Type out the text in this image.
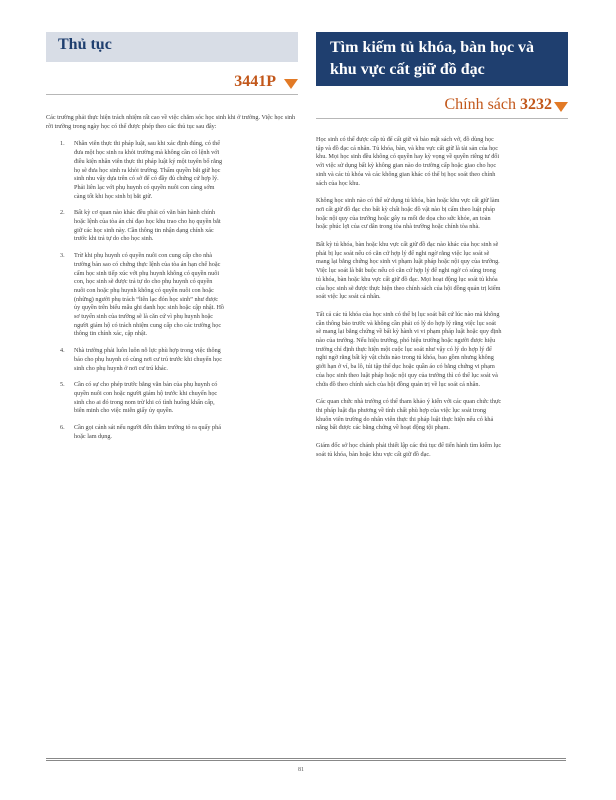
Thủ tục
3441P

Các trường phải thực hiện trách nhiệm rất cao về việc chăm sóc học sinh khi ở trường. Việc học sinh rời trường trong ngày học có thể được phép theo các thủ tục sau đây:

1. Nhân viên thực thi pháp luật, sau khi xác định đúng, có thể đưa một học sinh ra khỏi trường mà không cần có lệnh với điều kiện nhân viên thực thi pháp luật ký một tuyên bố rằng họ sẽ đưa học sinh ra khỏi trường. Thẩm quyền bắt giữ học sinh nhu vậy dựa trên có sở để có đầy đủ chứng cứ hợp lý. Phải liên lạc với phụ huynh có quyền nuôi con càng sớm càng tốt khi học sinh bị bắt giữ.
2. Bất kỳ cơ quan nào khác đều phải có văn bản hành chính hoặc lệnh của tòa án chỉ đạo học khu trao cho họ quyền bắt giữ các học sinh này. Cần thông tin nhận dạng chính xác trước khi trả tự do cho học sinh.
3. Trừ khi phụ huynh có quyền nuôi con cung cấp cho nhà trường bản sao có chứng thực lệnh của tòa án hạn chế hoặc cấm học sinh tiếp xúc với phụ huynh không có quyền nuôi con, học sinh sẽ được trả tự do cho phụ huynh có quyền nuôi con hoặc phụ huynh không có quyền nuôi con hoặc (những) người phụ trách “liên lạc đón học sinh” như được ủy quyền trên biểu mẫu ghi danh học sinh hoặc cập nhật. Hồ sơ tuyển sinh của trường sẽ là căn cứ vì phụ huynh hoặc người giám hộ có trách nhiệm cung cấp cho các trường học thông tin chính xác, cập nhật.
4. Nhà trường phải luôn luôn nỗ lực phù hợp trong việc thông báo cho phụ huynh có cùng nơi cư trú trước khi chuyển học sinh cho phụ huynh ở nơi cư trú khác.
5. Cần có sự cho phép trước bằng văn bản của phụ huynh có quyền nuôi con hoặc người giám hộ trước khi chuyển học sinh cho ai đó trong nom trừ khi có tình huống khẩn cấp, biên minh cho việc miễn giấy ủy quyền.
6. Cần gọi cảnh sát nếu người đến thăm trường tỏ ra quấy phá hoặc lam dụng.
Tìm kiếm tủ khóa, bàn học và khu vực cất giữ đồ đạc
Chính sách 3232

Học sinh có thể được cấp tủ để cất giữ và bảo mật sách vở, đồ dùng học tập và đồ đạc cá nhân. Tủ khóa, bàn, và khu vực cất giữ là tài sản của học khu. Mọi học sinh đều không có quyền hay kỳ vọng về quyền riêng tư đối với việc sử dụng bất kỳ không gian nào do trường cấp hoặc giao cho học sinh và các tủ khóa và các không gian khác có thể bị học soát theo chính sách của học khu.

Không học sinh nào có thể sử dụng tủ khóa, bàn hoặc khu vực cất giữ làm nơi cất giữ đồ đạc cho bất kỳ chất hoặc đồ vật nào bị cấm theo luật pháp hoặc nội quy của trường hoặc gây ra mối đe dọa cho sức khỏe, an toàn hoặc phúc lợi của cư dân trong tòa nhà trường hoặc chính tòa nhà.

Bất kỳ tủ khóa, bàn hoặc khu vực cất giữ đồ đạc nào khác của học sinh sẽ phải bị lục soát nếu có căn cứ hợp lý để nghi ngờ rằng việc lục soát sẽ mang lại bằng chứng học sinh vi phạm luật pháp hoặc nội quy của trường. Việc lục soát là bắt buộc nếu có căn cứ hợp lý để nghi ngờ có súng trong tủ khóa, bàn hoặc khu vực cất giữ đồ đạc. Mọi hoạt động lục soát tủ khóa của học sinh sẽ được thực hiện theo chính sách của hội đồng quản trị kiểm soát việc lục soát cá nhân.

Tất cả các tủ khóa của học sinh có thể bị lục soát bất cứ lúc nào mà không cần thông báo trước và không cần phải có lý do hợp lý rằng việc lục soát sẽ mang lại bằng chứng về bất kỳ hành vi vi phạm pháp luật hoặc quy định nào của trường. Nếu hiệu trưởng, phó hiệu trưởng hoặc người được hiệu trưởng chỉ định thực hiện một cuộc lục soát như vậy có lý do hợp lý để nghi ngờ rằng bất kỳ vật chứa nào trong tủ khóa, bao gồm nhưng không giới hạn ở ví, ba lô, túi tập thể dục hoặc quần áo có bằng chứng vi phạm của học sinh theo luật pháp hoặc nội quy của trường thì có thể lục soát và chứa đồ theo chính sách của hội đồng quản trị về lục soát cá nhân.

Các quan chức nhà trường có thể tham khảo ý kiến với các quan chức thực thi pháp luật địa phương về tính chất phù hợp của việc lục soát trong khuôn viên trường do nhân viên thực thi pháp luật thực hiện nếu có khả năng bất được các bằng chứng về hoạt động tội phạm.

Giám đốc sở học chánh phải thiết lập các thủ tục để tiến hành tìm kiếm lục soát tủ khóa, bàn hoặc khu vực cất giữ đồ đạc.

81
